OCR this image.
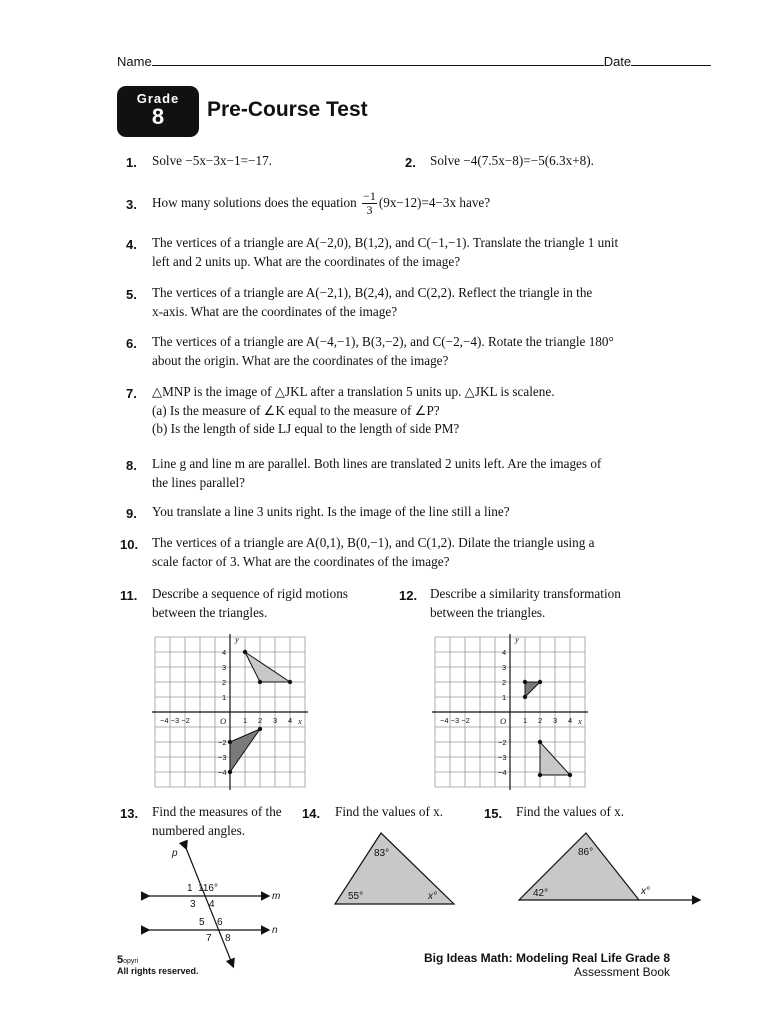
Name	Date
Grade
8	Pre-Course Test
1. Solve −5x−3x−1=−17.	2. Solve −4(7.5x−8)=−5(6.3x+8).
3. How many solutions does the equation $\frac{-1}{3} (9x-12)=4-3x$ have?
4. The vertices of a triangle are A(−2,0), B(1,2), and C(−1,−1). Translate the triangle 1 unit left and 2 units up. What are the coordinates of the image?
5. The vertices of a triangle are A(−2,1), B(2,4), and C(2,2). Reflect the triangle in the x-axis. What are the coordinates of the image?
6. The vertices of a triangle are A(−4,−1), B(3,−2), and C(−2,−4). Rotate the triangle 180° about the origin. What are the coordinates of the image?
7. △MNP is the image of △JKL after a translation 5 units up. △JKL is scalene.
(a) Is the measure of ∠K equal to the measure of ∠P?
(b) Is the length of side LJ equal to the length of side PM?
8. Line g and line m are parallel. Both lines are translated 2 units left. Are the images of the lines parallel?
9. You translate a line 3 units right. Is the image of the line still a line?
10. The vertices of a triangle are A(0,1), B(0,−1), and C(1,2). Dilate the triangle using a scale factor of 3. What are the coordinates of the image?
11. Describe a sequence of rigid motions between the triangles.
12. Describe a similarity transformation between the triangles.
y
x
O
−4 −3 −2	1 2 3 4
4
3
2
1
−2
−3
−4
y
x
O
−4 −3 −2	1 2 3 4
4
3
2
1
−2
−3
−4
13. Find the measures of the numbered angles.
14. Find the values of x.	15. Find the values of x.
p
m
n
1 116°
3 4
5 6
7 8
83°
55°	x°
86°
42°	x°
5opyri
All rights reserved.
Big Ideas Math: Modeling Real Life Grade 8
Assessment Book
